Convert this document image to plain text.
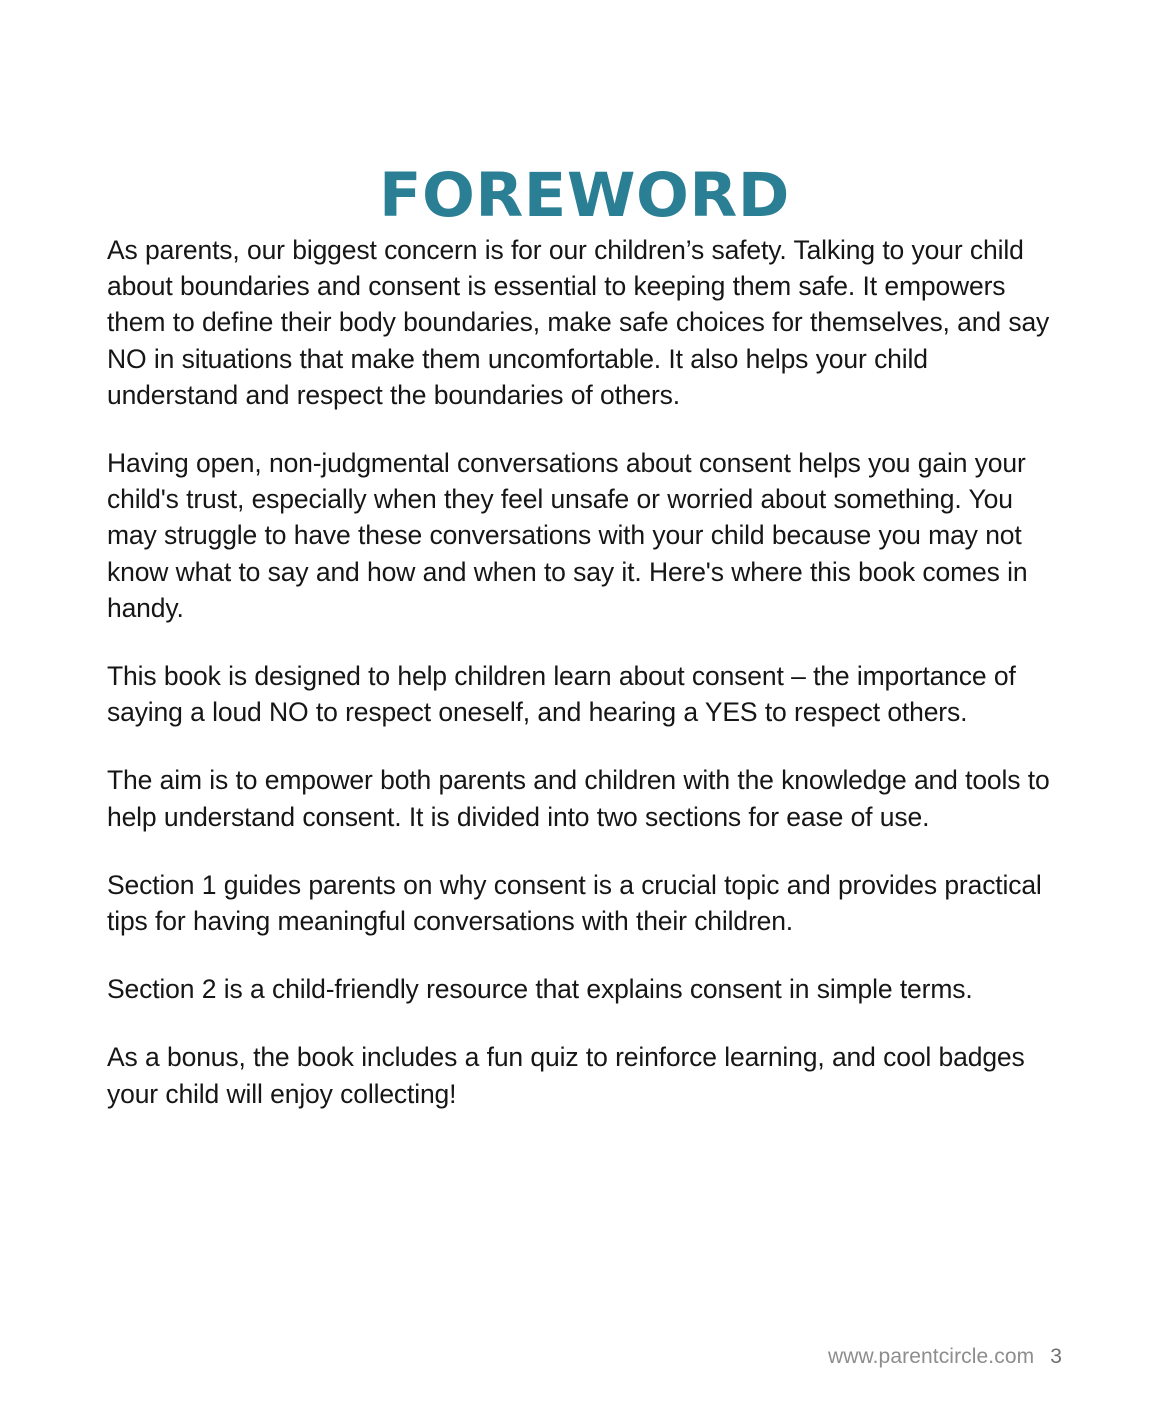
FOREWORD

As parents, our biggest concern is for our children’s safety. Talking to your child about boundaries and consent is essential to keeping them safe. It empowers them to define their body boundaries, make safe choices for themselves, and say NO in situations that make them uncomfortable. It also helps your child understand and respect the boundaries of others.

Having open, non-judgmental conversations about consent helps you gain your child's trust, especially when they feel unsafe or worried about something. You may struggle to have these conversations with your child because you may not know what to say and how and when to say it. Here's where this book comes in handy.

This book is designed to help children learn about consent – the importance of saying a loud NO to respect oneself, and hearing a YES to respect others.

The aim is to empower both parents and children with the knowledge and tools to help understand consent. It is divided into two sections for ease of use.

Section 1 guides parents on why consent is a crucial topic and provides practical tips for having meaningful conversations with their children.

Section 2 is a child-friendly resource that explains consent in simple terms.

As a bonus, the book includes a fun quiz to reinforce learning, and cool badges your child will enjoy collecting!

www.parentcircle.com 3
